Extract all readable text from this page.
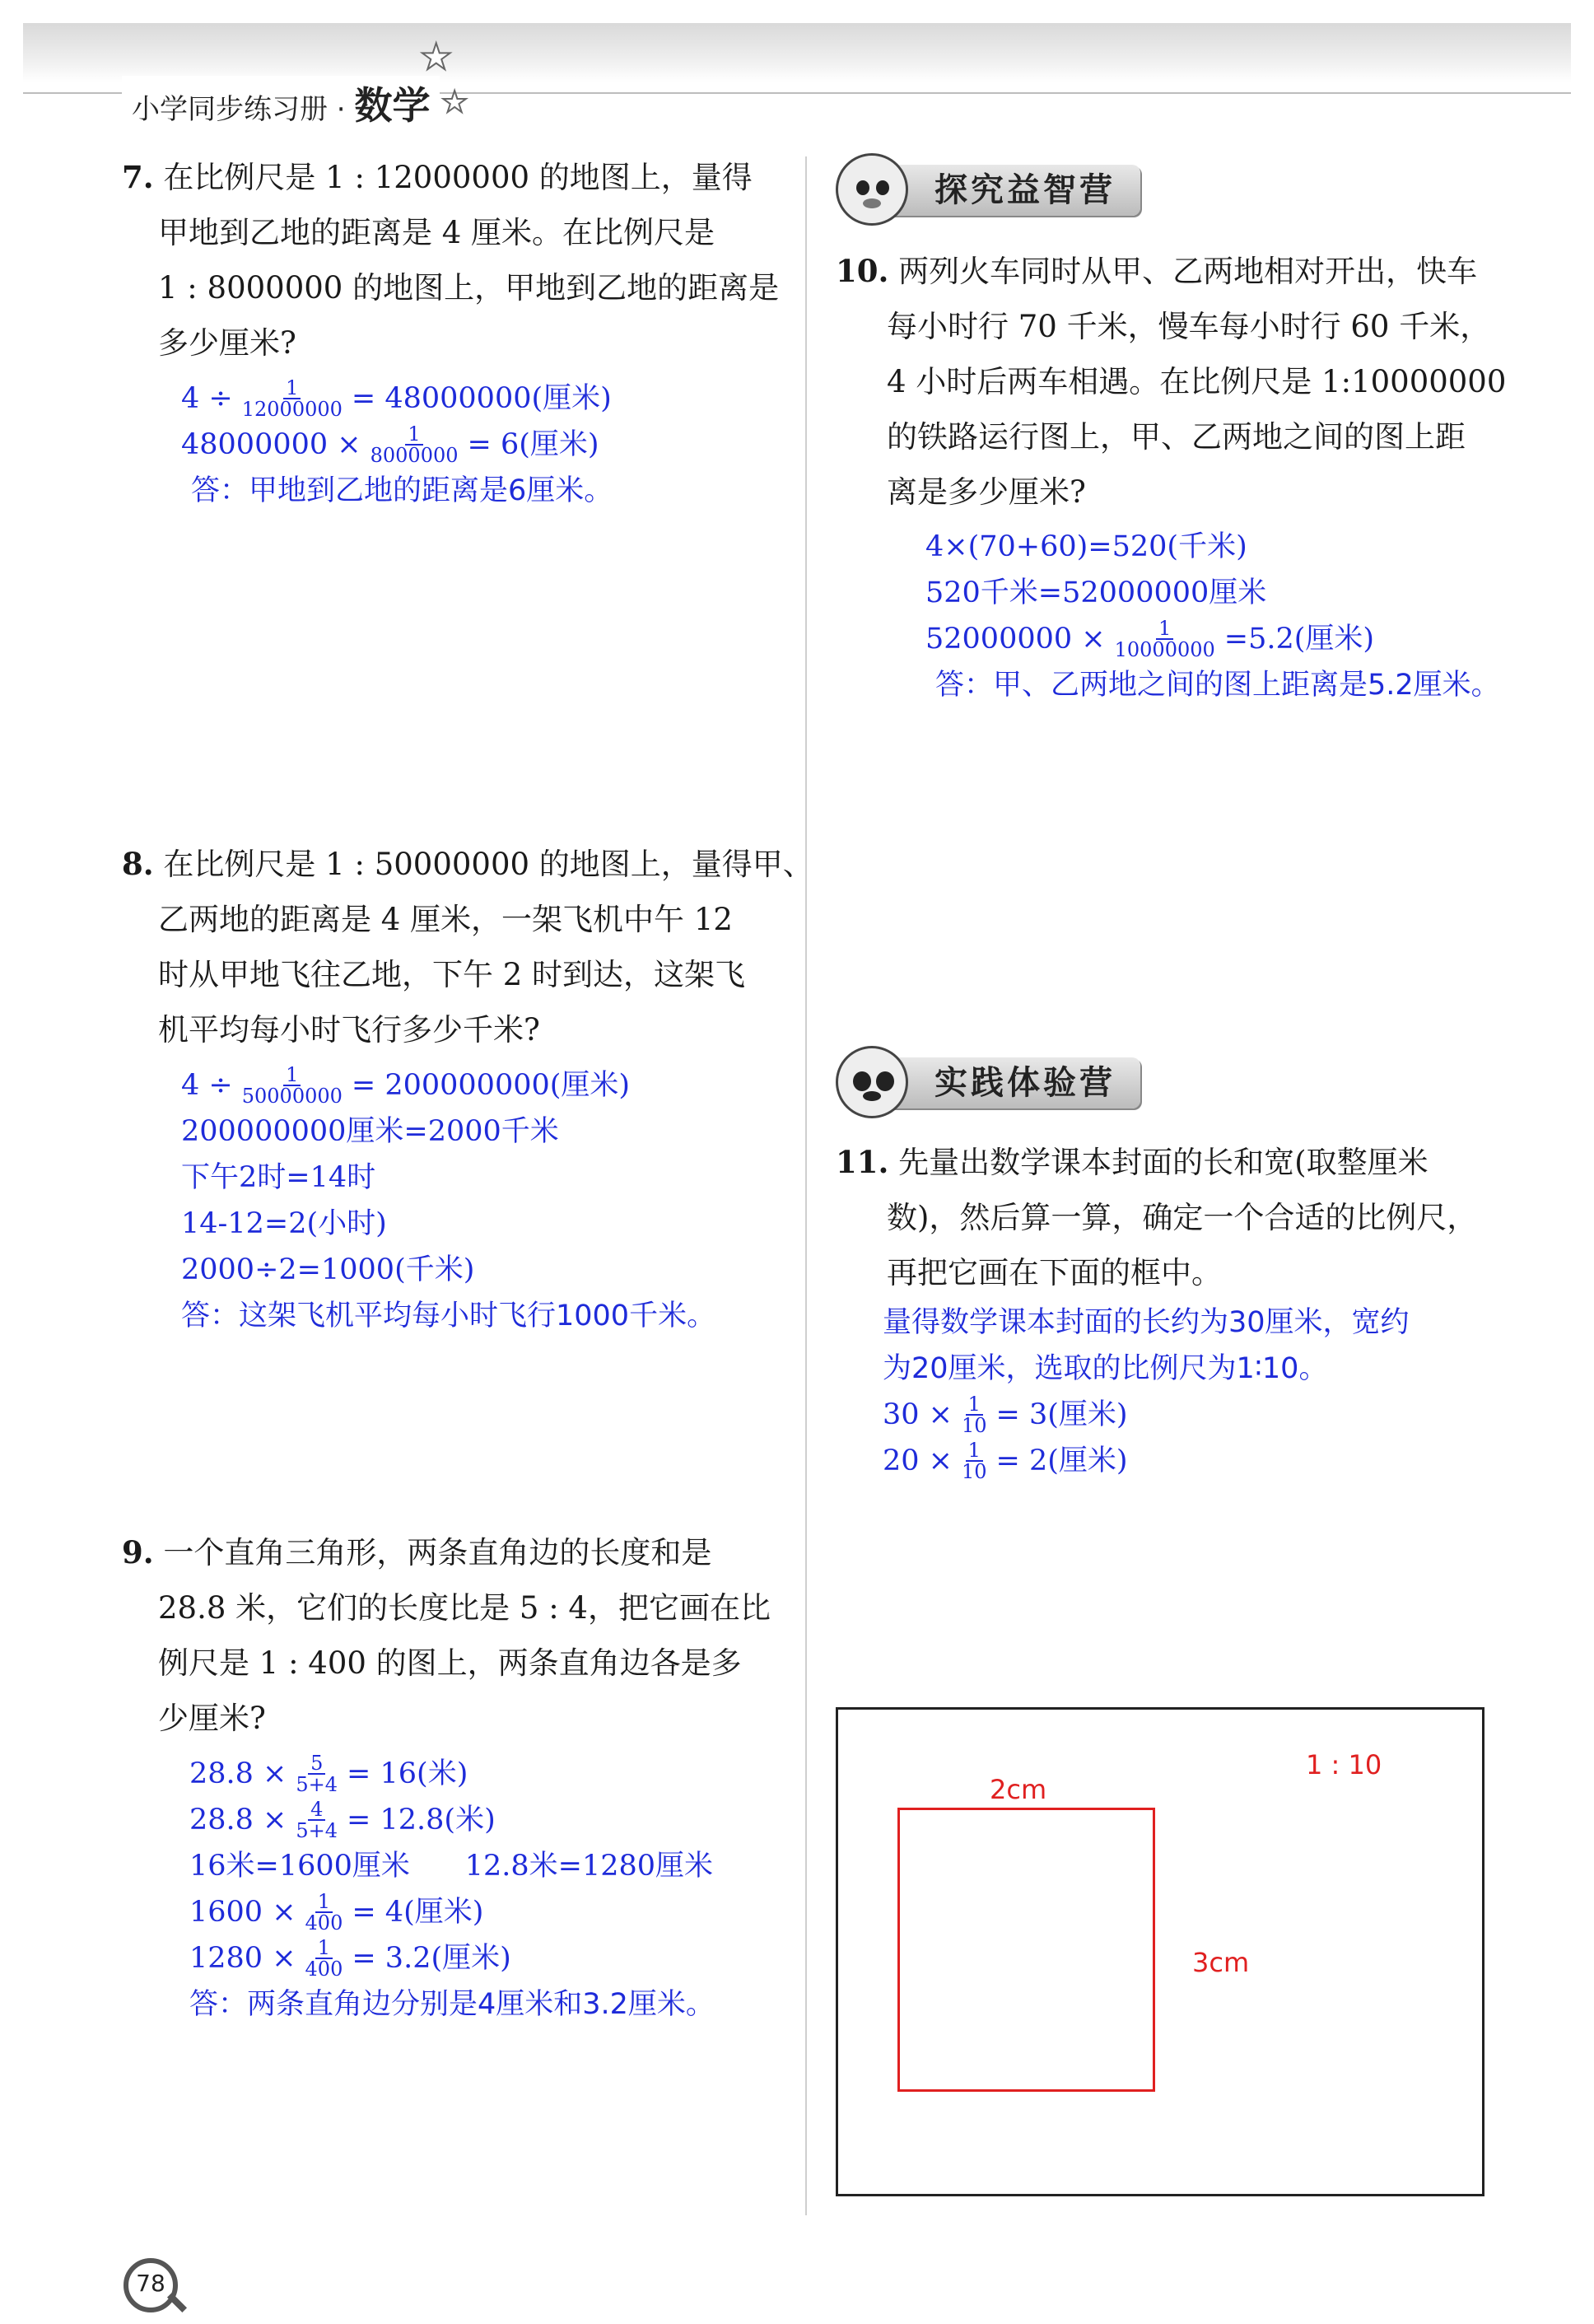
小学同步练习册 · 数学
★
★
7. 在比例尺是 1 : 12000000 的地图上，量得
甲地到乙地的距离是 4 厘米。在比例尺是
1 : 8000000 的地图上，甲地到乙地的距离是
多少厘米?
$4 \div \frac{1}{12000000} = 48000000$(厘米)
$48000000 \times \frac{1}{8000000} = 6$(厘米)
答：甲地到乙地的距离是6厘米。
8. 在比例尺是 1 : 50000000 的地图上，量得甲、
乙两地的距离是 4 厘米，一架飞机中午 12
时从甲地飞往乙地，下午 2 时到达，这架飞
机平均每小时飞行多少千米?
$4 \div \frac{1}{50000000} = 200000000$(厘米)
200000000厘米=2000千米
下午2时=14时
14-12=2(小时)
2000÷2=1000(千米)
答：这架飞机平均每小时飞行1000千米。
9. 一个直角三角形，两条直角边的长度和是
28.8 米，它们的长度比是 5 : 4，把它画在比
例尺是 1 : 400 的图上，两条直角边各是多
少厘米?
$28.8 \times \frac{5}{5+4} = 16$(米)
$28.8 \times \frac{4}{5+4} = 12.8$(米)
16米=1600厘米      12.8米=1280厘米
$1600 \times \frac{1}{400} = 4$(厘米)
$1280 \times \frac{1}{400} = 3.2$(厘米)
答：两条直角边分别是4厘米和3.2厘米。
探究益智营
10. 两列火车同时从甲、乙两地相对开出，快车
每小时行 70 千米，慢车每小时行 60 千米，
4 小时后两车相遇。在比例尺是 1:10000000
的铁路运行图上，甲、乙两地之间的图上距
离是多少厘米?
4×(70+60)=520(千米)
520千米=52000000厘米
$52000000 \times \frac{1}{10000000} =5.2$(厘米)
答：甲、乙两地之间的图上距离是5.2厘米。
实践体验营
11. 先量出数学课本封面的长和宽(取整厘米
数)，然后算一算，确定一个合适的比例尺，
再把它画在下面的框中。
量得数学课本封面的长约为30厘米，宽约
为20厘米，选取的比例尺为1∶10。
$30 \times \frac{1}{10} = 3$(厘米)
$20 \times \frac{1}{10} = 2$(厘米)
1 : 10
2cm
3cm
78
